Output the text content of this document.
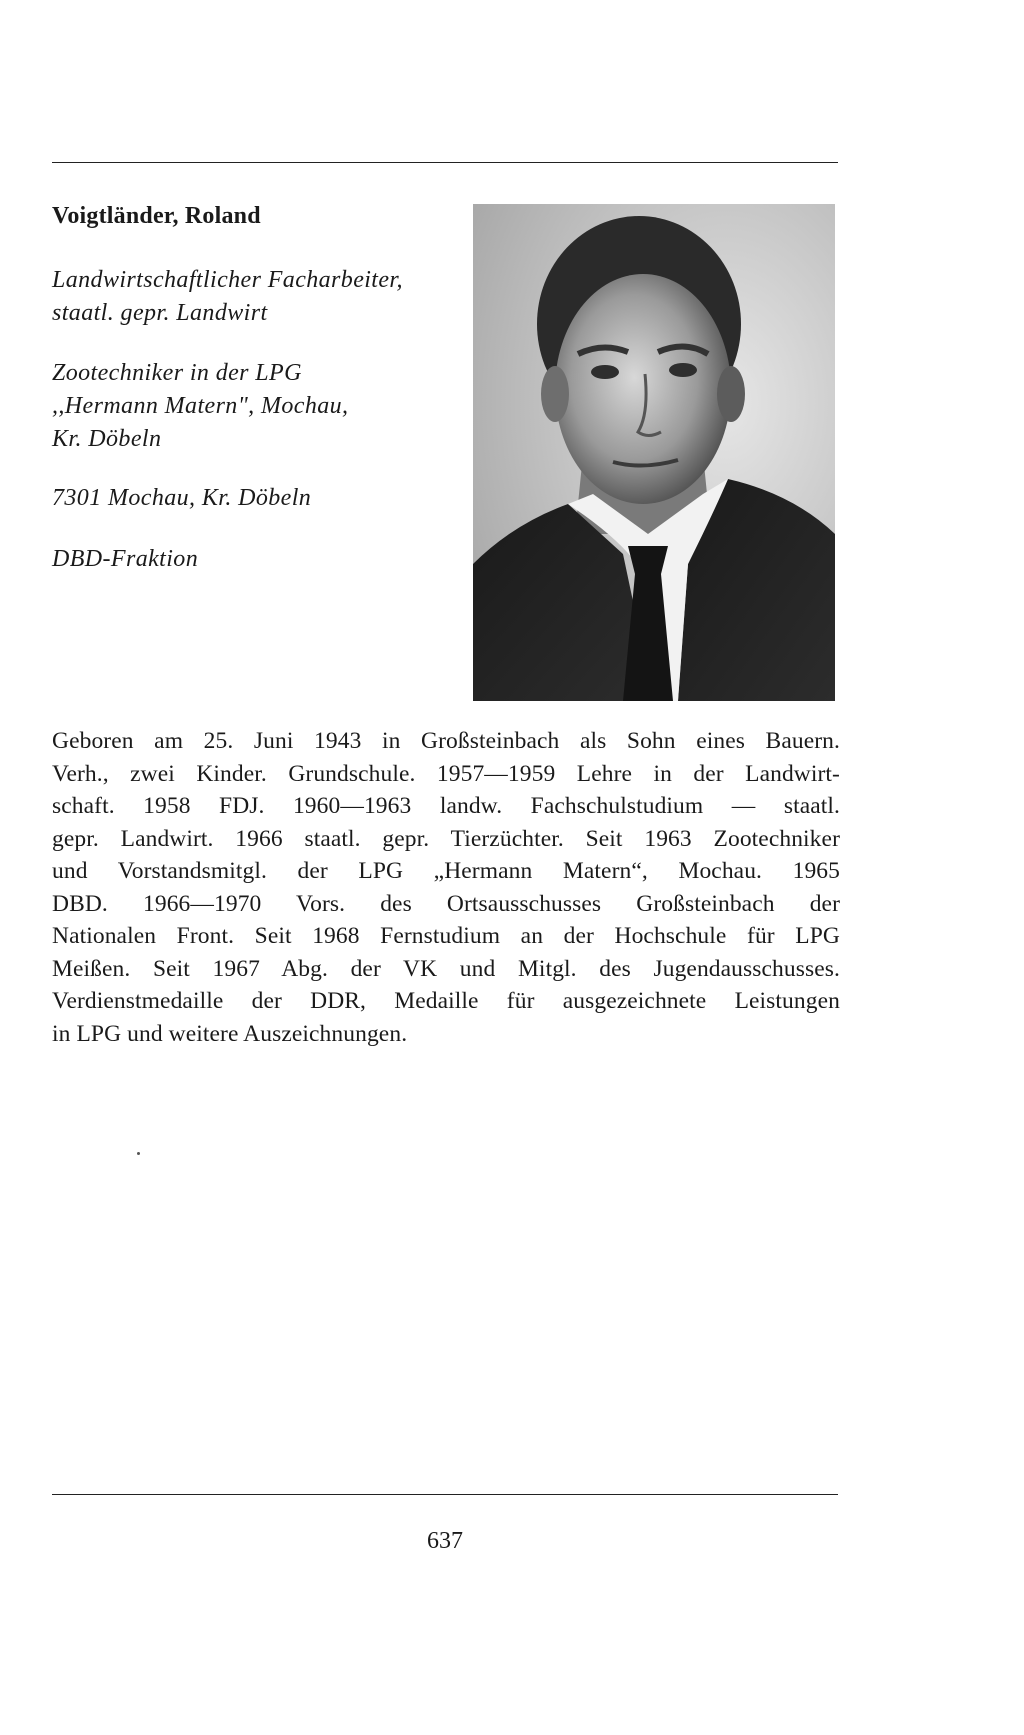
Voigtländer, Roland
Landwirtschaftlicher Facharbeiter,
staatl. gepr. Landwirt
Zootechniker in der LPG
,,Hermann Matern", Mochau,
Kr. Döbeln
7301 Mochau, Kr. Döbeln
DBD-Fraktion
Geboren am 25. Juni 1943 in Großsteinbach als Sohn eines Bauern.
Verh., zwei Kinder. Grundschule. 1957—1959 Lehre in der Landwirt-
schaft. 1958 FDJ. 1960—1963 landw. Fachschulstudium — staatl.
gepr. Landwirt. 1966 staatl. gepr. Tierzüchter. Seit 1963 Zootechniker
und Vorstandsmitgl. der LPG „Hermann Matern“, Mochau. 1965
DBD. 1966—1970 Vors. des Ortsausschusses Großsteinbach der
Nationalen Front. Seit 1968 Fernstudium an der Hochschule für LPG
Meißen. Seit 1967 Abg. der VK und Mitgl. des Jugendausschusses.
Verdienstmedaille der DDR, Medaille für ausgezeichnete Leistungen
in LPG und weitere Auszeichnungen.
637
